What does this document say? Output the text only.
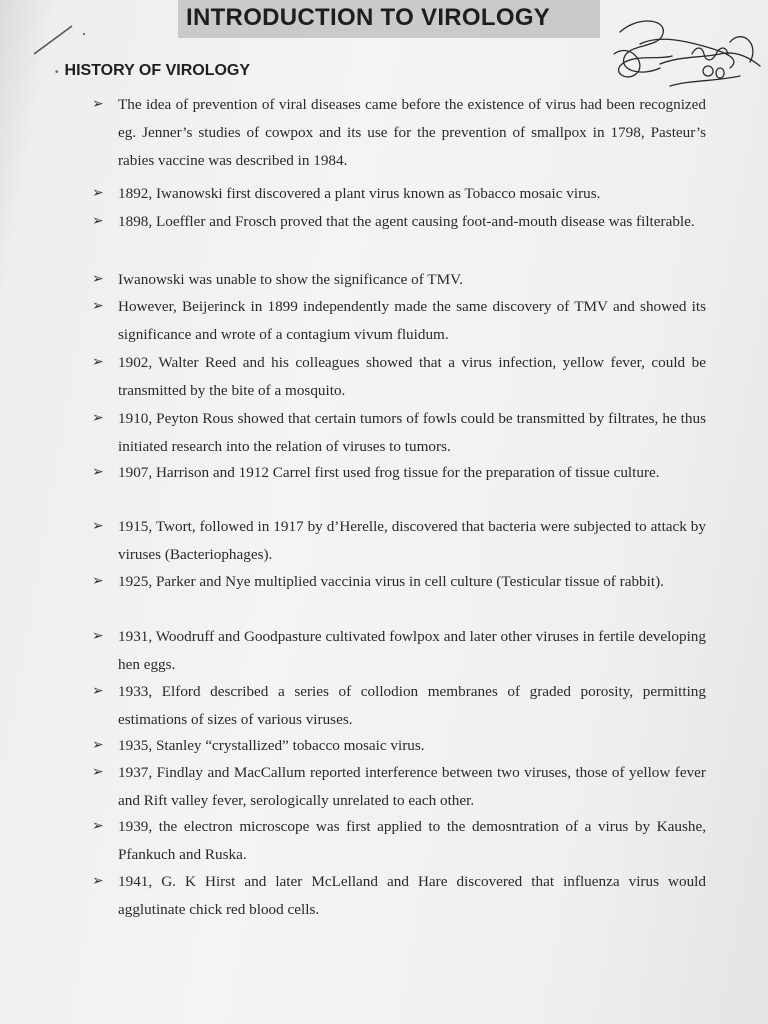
INTRODUCTION TO VIROLOGY
• HISTORY OF VIROLOGY
➢ The idea of prevention of viral diseases came before the existence of virus had been recognized eg. Jenner’s studies of cowpox and its use for the prevention of smallpox in 1798, Pasteur’s rabies vaccine was described in 1984.
➢ 1892, Iwanowski first discovered a plant virus known as Tobacco mosaic virus.
➢ 1898, Loeffler and Frosch proved that the agent causing foot-and-mouth disease was filterable.
➢ Iwanowski was unable to show the significance of TMV.
➢ However, Beijerinck in 1899 independently made the same discovery of TMV and showed its significance and wrote of a contagium vivum fluidum.
➢ 1902, Walter Reed and his colleagues showed that a virus infection, yellow fever, could be transmitted by the bite of a mosquito.
➢ 1910, Peyton Rous showed that certain tumors of fowls could be transmitted by filtrates, he thus initiated research into the relation of viruses to tumors.
➢ 1907, Harrison and 1912 Carrel first used frog tissue for the preparation of tissue culture.
➢ 1915, Twort, followed in 1917 by d’Herelle, discovered that bacteria were subjected to attack by viruses (Bacteriophages).
➢ 1925, Parker and Nye multiplied vaccinia virus in cell culture (Testicular tissue of rabbit).
➢ 1931, Woodruff and Goodpasture cultivated fowlpox and later other viruses in fertile developing hen eggs.
➢ 1933, Elford described a series of collodion membranes of graded porosity, permitting estimations of sizes of various viruses.
➢ 1935, Stanley “crystallized” tobacco mosaic virus.
➢ 1937, Findlay and MacCallum reported interference between two viruses, those of yellow fever and Rift valley fever, serologically unrelated to each other.
➢ 1939, the electron microscope was first applied to the demosntration of a virus by Kaushe, Pfankuch and Ruska.
➢ 1941, G. K Hirst and later McLelland and Hare discovered that influenza virus would agglutinate chick red blood cells.
